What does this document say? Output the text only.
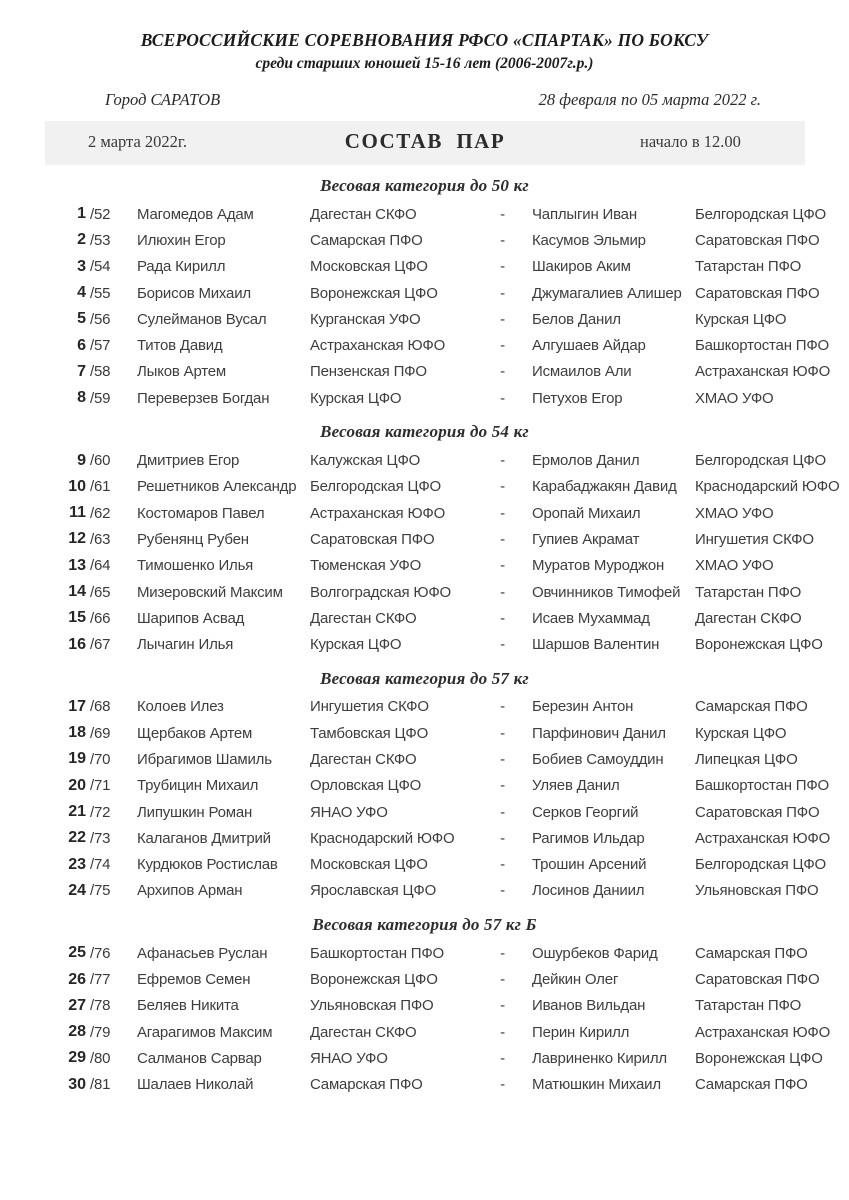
ВСЕРОССИЙСКИЕ СОРЕВНОВАНИЯ РФСО «СПАРТАК» ПО БОКСУ
среди старших юношей 15-16 лет (2006-2007г.р.)
Город САРАТОВ	28 февраля по 05 марта 2022 г.
2 марта 2022г.	СОСТАВ  ПАР	начало в 12.00
Весовая категория до 50 кг
1 /52	Магомедов Адам	Дагестан СКФО	-	Чаплыгин Иван	Белгородская ЦФО
2 /53	Илюхин Егор	Самарская ПФО	-	Касумов Эльмир	Саратовская ПФО
3 /54	Рада Кирилл	Московская ЦФО	-	Шакиров Аким	Татарстан ПФО
4 /55	Борисов Михаил	Воронежская ЦФО	-	Джумагалиев Алишер Саратовская ПФО
5 /56	Сулейманов Вусал	Курганская УФО	-	Белов Данил	Курская ЦФО
6 /57	Титов Давид	Астраханская ЮФО	-	Алгушаев Айдар	Башкортостан ПФО
7 /58	Лыков Артем	Пензенская ПФО	-	Исмаилов Али	Астраханская ЮФО
8 /59	Переверзев Богдан	Курская ЦФО	-	Петухов Егор	ХМАО УФО
Весовая категория до 54 кг
9 /60	Дмитриев Егор	Калужская ЦФО	-	Ермолов Данил	Белгородская ЦФО
10 /61	Решетников Александр Белгородская ЦФО	-	Карабаджакян Давид	Краснодарский ЮФО
11 /62	Костомаров Павел	Астраханская ЮФО	-	Оропай Михаил	ХМАО УФО
12 /63	Рубенянц Рубен	Саратовская ПФО	-	Гупиев Акрамат	Ингушетия СКФО
13 /64	Тимошенко Илья	Тюменская УФО	-	Муратов Муроджон	ХМАО УФО
14 /65	Мизеровский Максим	Волгоградская ЮФО	-	Овчинников Тимофей Татарстан ПФО
15 /66	Шарипов Асвад	Дагестан СКФО	-	Исаев Мухаммад	Дагестан СКФО
16 /67	Лычагин Илья	Курская ЦФО	-	Шаршов Валентин	Воронежская ЦФО
Весовая категория до 57 кг
17 /68	Колоев Илез	Ингушетия СКФО	-	Березин Антон	Самарская ПФО
18 /69	Щербаков Артем	Тамбовская ЦФО	-	Парфинович Данил	Курская ЦФО
19 /70	Ибрагимов Шамиль	Дагестан СКФО	-	Бобиев Самоуддин	Липецкая ЦФО
20 /71	Трубицин Михаил	Орловская ЦФО	-	Уляев Данил	Башкортостан ПФО
21 /72	Липушкин Роман	ЯНАО УФО	-	Серков Георгий	Саратовская ПФО
22 /73	Калаганов Дмитрий	Краснодарский ЮФО	-	Рагимов Ильдар	Астраханская ЮФО
23 /74	Курдюков Ростислав	Московская ЦФО	-	Трошин Арсений	Белгородская ЦФО
24 /75	Архипов Арман	Ярославская ЦФО	-	Лосинов Даниил	Ульяновская ПФО
Весовая категория до 57 кг Б
25 /76	Афанасьев Руслан	Башкортостан ПФО	-	Ошурбеков Фарид	Самарская ПФО
26 /77	Ефремов Семен	Воронежская ЦФО	-	Дейкин Олег	Саратовская ПФО
27 /78	Беляев Никита	Ульяновская ПФО	-	Иванов Вильдан	Татарстан ПФО
28 /79	Агарагимов Максим	Дагестан СКФО	-	Перин Кирилл	Астраханская ЮФО
29 /80	Салманов Сарвар	ЯНАО УФО	-	Лавриненко Кирилл	Воронежская ЦФО
30 /81	Шалаев Николай	Самарская ПФО	-	Матюшкин Михаил	Самарская ПФО
